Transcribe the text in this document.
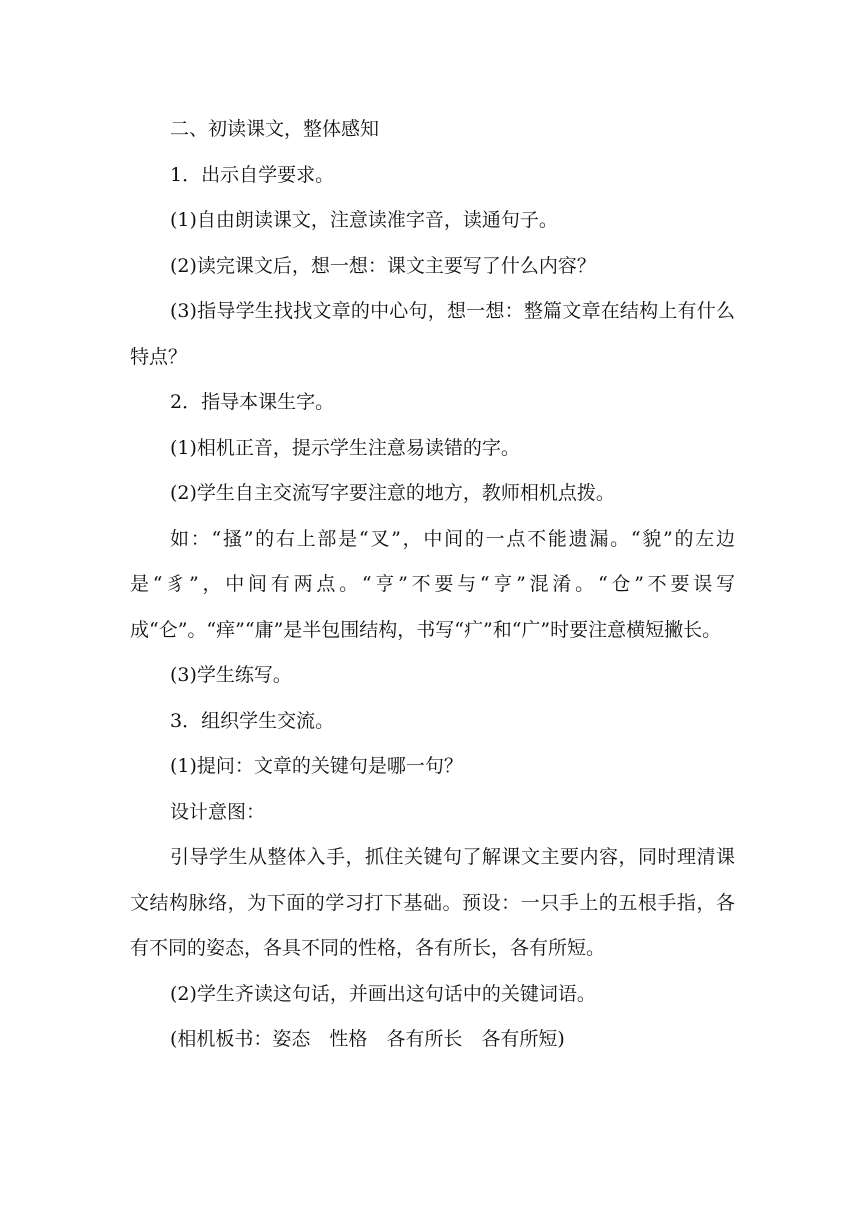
二、初读课文，整体感知

1．出示自学要求。

(1)自由朗读课文，注意读准字音，读通句子。

(2)读完课文后，想一想：课文主要写了什么内容？

(3)指导学生找找文章的中心句，想一想：整篇文章在结构上有什么特点？

2．指导本课生字。

(1)相机正音，提示学生注意易读错的字。

(2)学生自主交流写字要注意的地方，教师相机点拨。

如：“搔”的右上部是“叉”，中间的一点不能遗漏。“貌”的左边是“豸”，中间有两点。“亨”不要与“亨”混淆。“仓”不要误写成“仑”。“痒”“庸”是半包围结构，书写“疒”和“广”时要注意横短撇长。

(3)学生练写。

3．组织学生交流。

(1)提问：文章的关键句是哪一句？

设计意图：

引导学生从整体入手，抓住关键句了解课文主要内容，同时理清课文结构脉络，为下面的学习打下基础。预设：一只手上的五根手指，各有不同的姿态，各具不同的性格，各有所长，各有所短。

(2)学生齐读这句话，并画出这句话中的关键词语。

(相机板书：姿态　性格　各有所长　各有所短)
